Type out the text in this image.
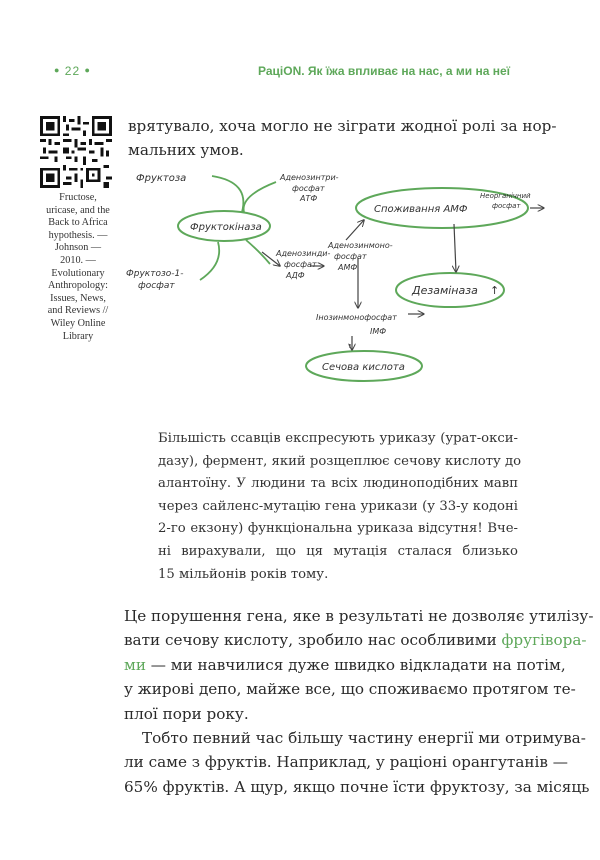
● 22 ●	РаціON. Як їжа впливає на нас, а ми на неї
Fructose,
uricase, and the
Back to Africa
hypothesis. —
Johnson —
2010. —
Evolutionary
Anthropology:
Issues, News,
and Reviews //
Wiley Online
Library
врятувало, хоча могло не зіграти жодної ролі за нор-
мальних умов.
Фруктоза
Фруктокіназа
Фруктозо-1-
фосфат
Аденозинтри-
фосфат
АТФ
Аденозинди-
фосфат
АДФ
Аденозинмоно-
фосфат
АМФ
Споживання АМФ
Неорганічний
фосфат
Дезаміназа ↑
Інозинмонофосфат
ІМФ
Сечова кислота
Більшість ссавців експресують уриказу (урат-окси-
дазу), фермент, який розщеплює сечову кислоту до
алантоїну. У людини та всіх людиноподібних мавп
через сайленс-мутацію гена урикази (у 33-у кодоні
2-го екзону) функціональна уриказа відсутня! Вче-
ні вирахували, що ця мутація сталася близько
15 мільйонів років тому.
Це порушення гена, яке в результаті не дозволяє утилізу-
вати сечову кислоту, зробило нас особливими фругівора-
ми — ми навчилися дуже швидко відкладати на потім,
у жирові депо, майже все, що споживаємо протягом те-
плої пори року.
Тобто певний час більшу частину енергії ми отримува-
ли саме з фруктів. Наприклад, у раціоні орангутанів —
65% фруктів. А щур, якщо почне їсти фруктозу, за місяць
